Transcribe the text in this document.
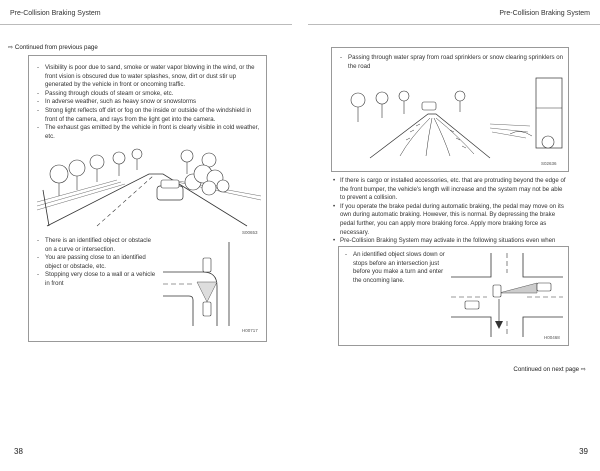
Pre-Collision Braking System	Pre-Collision Braking System
⇨ Continued from previous page
- Visibility is poor due to sand, smoke or water vapor blowing in the wind, or the front vision is obscured due to water splashes, snow, dirt or dust stir up generated by the vehicle in front or oncoming traffic.
- Passing through clouds of steam or smoke, etc.
- In adverse weather, such as heavy snow or snowstorms
- Strong light reflects off dirt or fog on the inside or outside of the windshield in front of the camera, and rays from the light get into the camera.
- The exhaust gas emitted by the vehicle in front is clearly visible in cold weather, etc.
S00653
- There is an identified object or obstacle on a curve or intersection.
- You are passing close to an identified object or obstacle, etc.
- Stopping very close to a wall or a vehicle in front
H00717
38
- Passing through water spray from road sprinklers or snow clearing sprinklers on the road
S02636
• If there is cargo or installed accessories, etc. that are protruding beyond the edge of the front bumper, the vehicle's length will increase and the system may not be able to prevent a collision.
• If you operate the brake pedal during automatic braking, the pedal may move on its own during automatic braking. However, this is normal. By depressing the brake pedal further, you can apply more braking force. Apply more braking force as necessary.
• Pre-Collision Braking System may activate in the following situations even when
- An identified object slows down or stops before an intersection just before you make a turn and enter the oncoming lane.
H00468
Continued on next page ⇨
39
